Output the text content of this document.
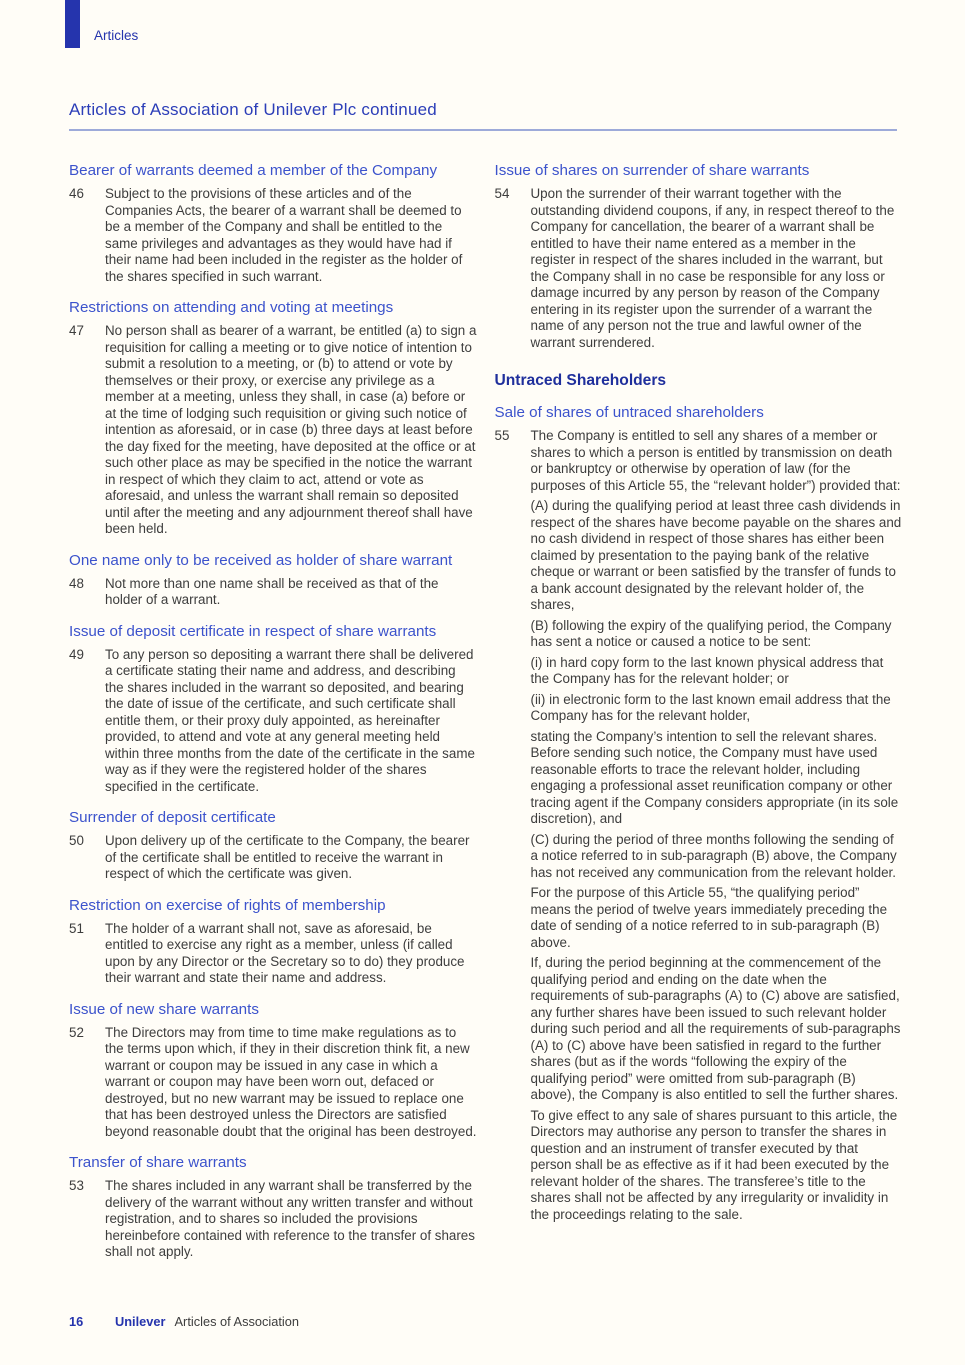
Articles
Articles of Association of Unilever Plc continued
Bearer of warrants deemed a member of the Company
46	Subject to the provisions of these articles and of the Companies Acts, the bearer of a warrant shall be deemed to be a member of the Company and shall be entitled to the same privileges and advantages as they would have had if their name had been included in the register as the holder of the shares specified in such warrant.

Restrictions on attending and voting at meetings
47	No person shall as bearer of a warrant, be entitled (a) to sign a requisition for calling a meeting or to give notice of intention to submit a resolution to a meeting, or (b) to attend or vote by themselves or their proxy, or exercise any privilege as a member at a meeting, unless they shall, in case (a) before or at the time of lodging such requisition or giving such notice of intention as aforesaid, or in case (b) three days at least before the day fixed for the meeting, have deposited at the office or at such other place as may be specified in the notice the warrant in respect of which they claim to act, attend or vote as aforesaid, and unless the warrant shall remain so deposited until after the meeting and any adjournment thereof shall have been held.

One name only to be received as holder of share warrant
48	Not more than one name shall be received as that of the holder of a warrant.

Issue of deposit certificate in respect of share warrants
49	To any person so depositing a warrant there shall be delivered a certificate stating their name and address, and describing the shares included in the warrant so deposited, and bearing the date of issue of the certificate, and such certificate shall entitle them, or their proxy duly appointed, as hereinafter provided, to attend and vote at any general meeting held within three months from the date of the certificate in the same way as if they were the registered holder of the shares specified in the certificate.

Surrender of deposit certificate
50	Upon delivery up of the certificate to the Company, the bearer of the certificate shall be entitled to receive the warrant in respect of which the certificate was given.

Restriction on exercise of rights of membership
51	The holder of a warrant shall not, save as aforesaid, be entitled to exercise any right as a member, unless (if called upon by any Director or the Secretary so to do) they produce their warrant and state their name and address.

Issue of new share warrants
52	The Directors may from time to time make regulations as to the terms upon which, if they in their discretion think fit, a new warrant or coupon may be issued in any case in which a warrant or coupon may have been worn out, defaced or destroyed, but no new warrant may be issued to replace one that has been destroyed unless the Directors are satisfied beyond reasonable doubt that the original has been destroyed.

Transfer of share warrants
53	The shares included in any warrant shall be transferred by the delivery of the warrant without any written transfer and without registration, and to shares so included the provisions hereinbefore contained with reference to the transfer of shares shall not apply.

Issue of shares on surrender of share warrants
54	Upon the surrender of their warrant together with the outstanding dividend coupons, if any, in respect thereof to the Company for cancellation, the bearer of a warrant shall be entitled to have their name entered as a member in the register in respect of the shares included in the warrant, but the Company shall in no case be responsible for any loss or damage incurred by any person by reason of the Company entering in its register upon the surrender of a warrant the name of any person not the true and lawful owner of the warrant surrendered.

Untraced Shareholders
Sale of shares of untraced shareholders
55	The Company is entitled to sell any shares of a member or shares to which a person is entitled by transmission on death or bankruptcy or otherwise by operation of law (for the purposes of this Article 55, the “relevant holder”) provided that:

(A) during the qualifying period at least three cash dividends in respect of the shares have become payable on the shares and no cash dividend in respect of those shares has either been claimed by presentation to the paying bank of the relative cheque or warrant or been satisfied by the transfer of funds to a bank account designated by the relevant holder of, the shares,

(B) following the expiry of the qualifying period, the Company has sent a notice or caused a notice to be sent:

(i) in hard copy form to the last known physical address that the Company has for the relevant holder; or

(ii) in electronic form to the last known email address that the Company has for the relevant holder,

stating the Company’s intention to sell the relevant shares. Before sending such notice, the Company must have used reasonable efforts to trace the relevant holder, including engaging a professional asset reunification company or other tracing agent if the Company considers appropriate (in its sole discretion), and

(C) during the period of three months following the sending of a notice referred to in sub-paragraph (B) above, the Company has not received any communication from the relevant holder.

For the purpose of this Article 55, “the qualifying period” means the period of twelve years immediately preceding the date of sending of a notice referred to in sub-paragraph (B) above.

If, during the period beginning at the commencement of the qualifying period and ending on the date when the requirements of sub-paragraphs (A) to (C) above are satisfied, any further shares have been issued to such relevant holder during such period and all the requirements of sub-paragraphs (A) to (C) above have been satisfied in regard to the further shares (but as if the words “following the expiry of the qualifying period” were omitted from sub-paragraph (B) above), the Company is also entitled to sell the further shares.

To give effect to any sale of shares pursuant to this article, the Directors may authorise any person to transfer the shares in question and an instrument of transfer executed by that person shall be as effective as if it had been executed by the relevant holder of the shares. The transferee’s title to the shares shall not be affected by any irregularity or invalidity in the proceedings relating to the sale.

16	Unilever Articles of Association
